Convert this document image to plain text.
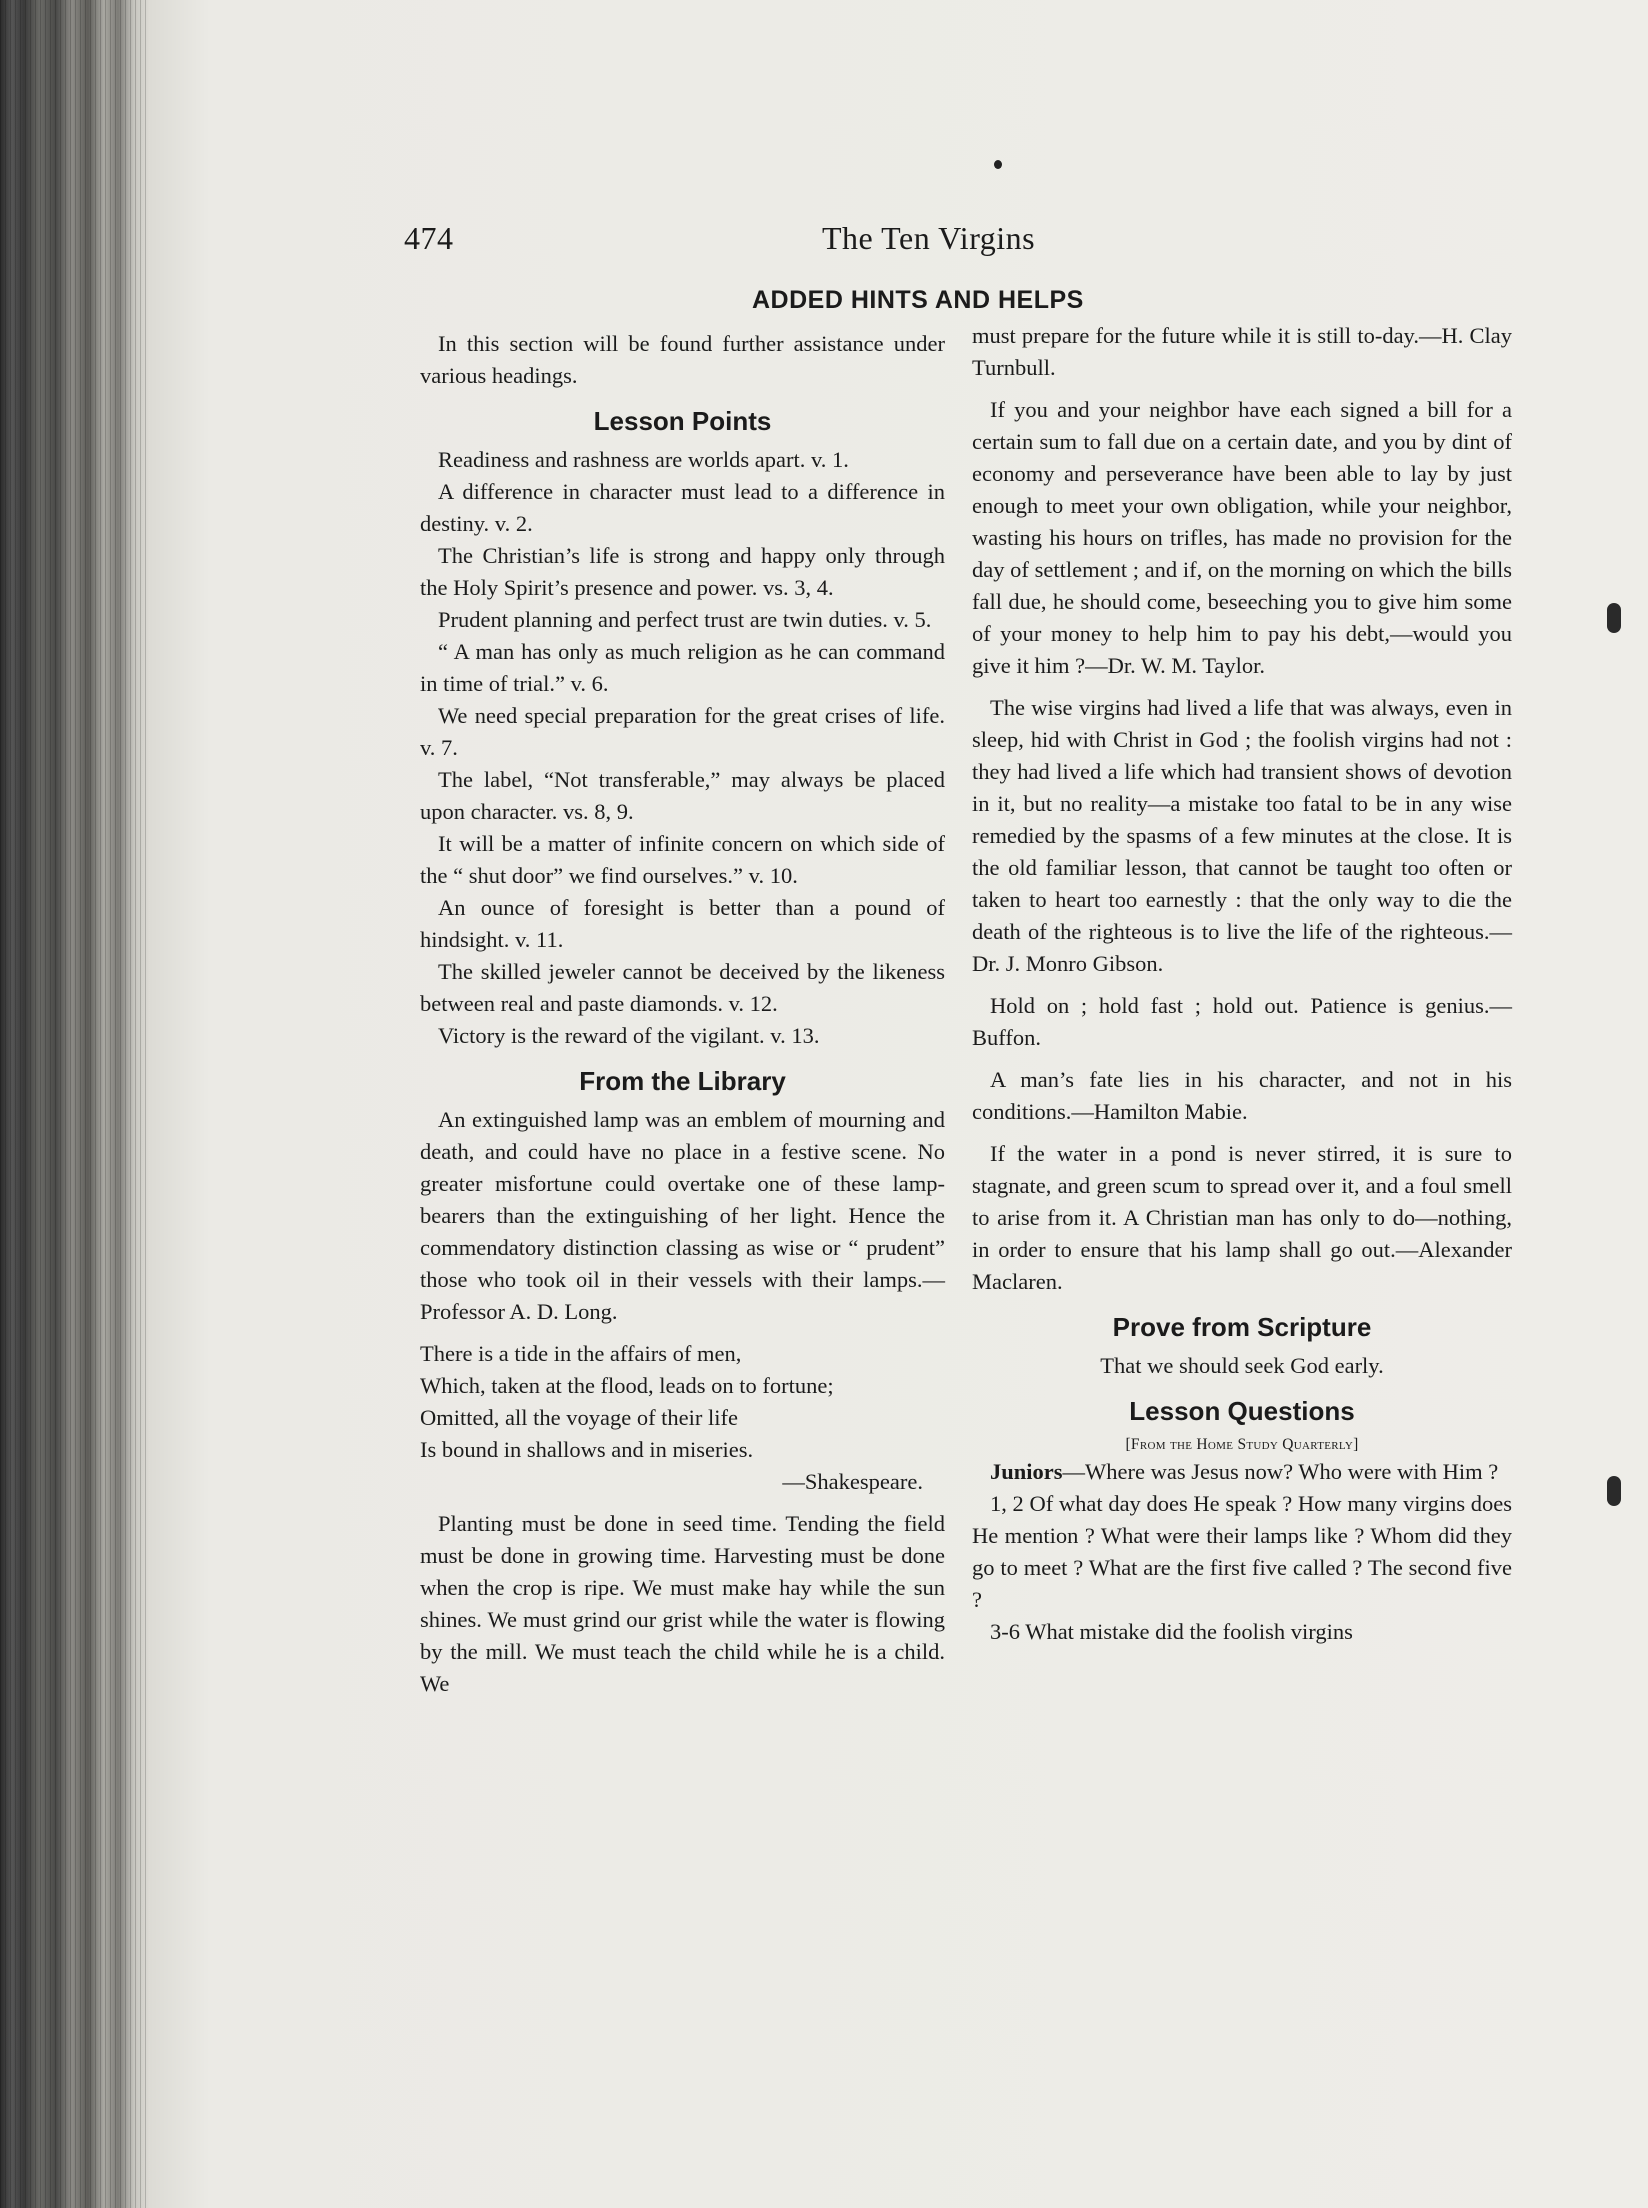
474	The Ten Virgins
ADDED HINTS AND HELPS

In this section will be found further assistance under various headings.

Lesson Points

Readiness and rashness are worlds apart. v. 1.

A difference in character must lead to a difference in destiny. v. 2.

The Christian’s life is strong and happy only through the Holy Spirit’s presence and power. vs. 3, 4.

Prudent planning and perfect trust are twin duties. v. 5.

“ A man has only as much religion as he can command in time of trial.” v. 6.

We need special preparation for the great crises of life. v. 7.

The label, “Not transferable,” may always be placed upon character. vs. 8, 9.

It will be a matter of infinite concern on which side of the “ shut door” we find ourselves.” v. 10.

An ounce of foresight is better than a pound of hindsight. v. 11.

The skilled jeweler cannot be deceived by the likeness between real and paste diamonds. v. 12.

Victory is the reward of the vigilant. v. 13.

From the Library

An extinguished lamp was an emblem of mourning and death, and could have no place in a festive scene. No greater misfortune could overtake one of these lamp-bearers than the extinguishing of her light. Hence the commendatory distinction classing as wise or “ prudent” those who took oil in their vessels with their lamps.—Professor A. D. Long.

There is a tide in the affairs of men,
Which, taken at the flood, leads on to fortune;
Omitted, all the voyage of their life
Is bound in shallows and in miseries.
—Shakespeare.

Planting must be done in seed time. Tending the field must be done in growing time. Harvesting must be done when the crop is ripe. We must make hay while the sun shines. We must grind our grist while the water is flowing by the mill. We must teach the child while he is a child. We

must prepare for the future while it is still to-day.—H. Clay Turnbull.

If you and your neighbor have each signed a bill for a certain sum to fall due on a certain date, and you by dint of economy and perseverance have been able to lay by just enough to meet your own obligation, while your neighbor, wasting his hours on trifles, has made no provision for the day of settlement ; and if, on the morning on which the bills fall due, he should come, beseeching you to give him some of your money to help him to pay his debt,—would you give it him ?—Dr. W. M. Taylor.

The wise virgins had lived a life that was always, even in sleep, hid with Christ in God ; the foolish virgins had not : they had lived a life which had transient shows of devotion in it, but no reality—a mistake too fatal to be in any wise remedied by the spasms of a few minutes at the close. It is the old familiar lesson, that cannot be taught too often or taken to heart too earnestly : that the only way to die the death of the righteous is to live the life of the righteous.—Dr. J. Monro Gibson.

Hold on ; hold fast ; hold out. Patience is genius.—Buffon.

A man’s fate lies in his character, and not in his conditions.—Hamilton Mabie.

If the water in a pond is never stirred, it is sure to stagnate, and green scum to spread over it, and a foul smell to arise from it. A Christian man has only to do—nothing, in order to ensure that his lamp shall go out.—Alexander Maclaren.

Prove from Scripture

That we should seek God early.

Lesson Questions
[From the Home Study Quarterly]

Juniors—Where was Jesus now? Who were with Him ?

1, 2 Of what day does He speak ? How many virgins does He mention ? What were their lamps like ? Whom did they go to meet ? What are the first five called ? The second five ?

3-6 What mistake did the foolish virgins
